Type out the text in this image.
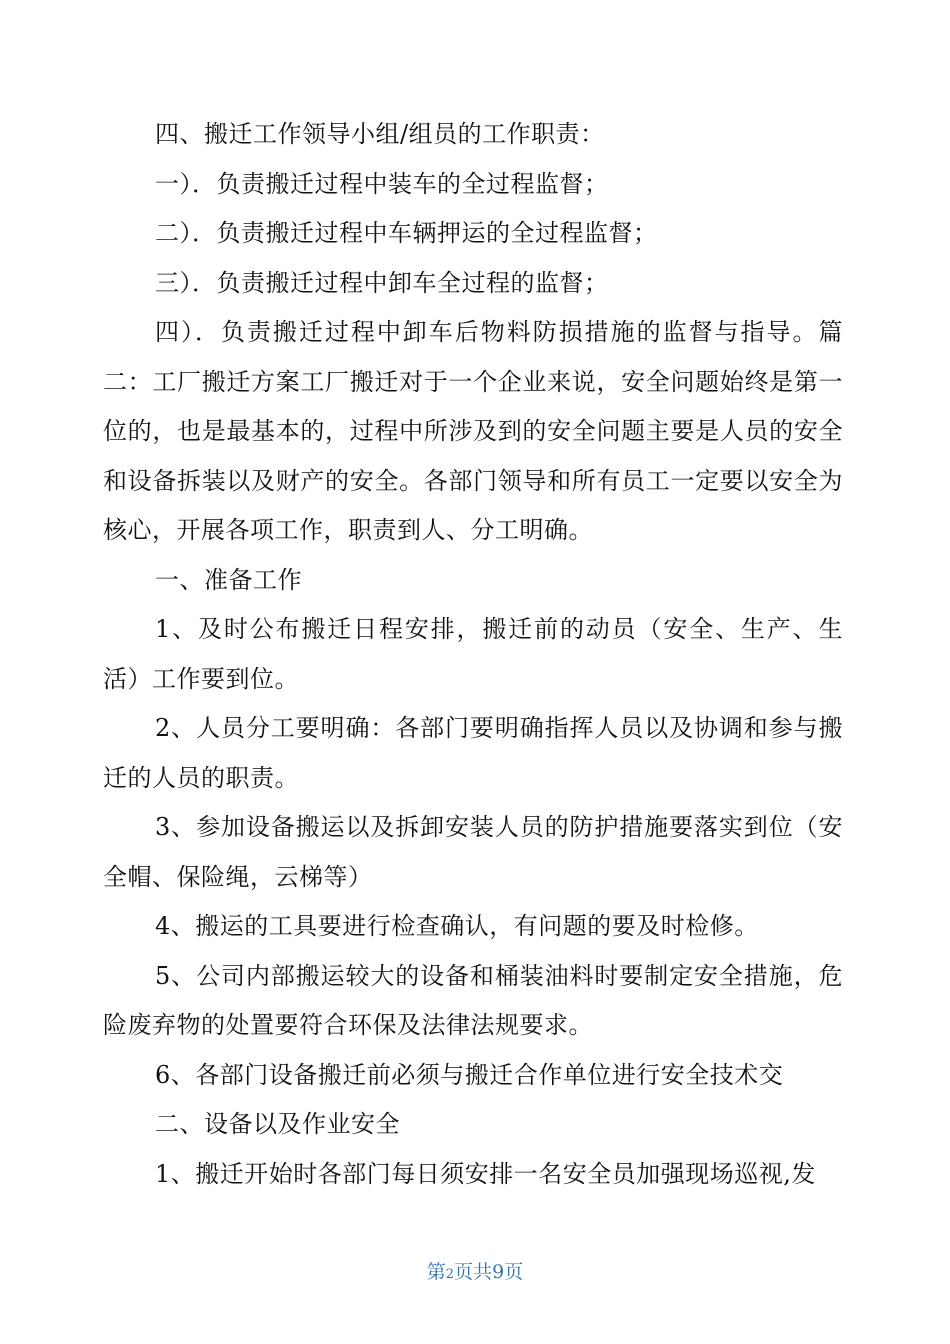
四、搬迁工作领导小组/组员的工作职责：

一）．负责搬迁过程中装车的全过程监督；

二）．负责搬迁过程中车辆押运的全过程监督；

三）．负责搬迁过程中卸车全过程的监督；

四）．负责搬迁过程中卸车后物料防损措施的监督与指导。篇二：工厂搬迁方案工厂搬迁对于一个企业来说，安全问题始终是第一位的，也是最基本的，过程中所涉及到的安全问题主要是人员的安全和设备拆装以及财产的安全。各部门领导和所有员工一定要以安全为核心，开展各项工作，职责到人、分工明确。

一、准备工作

1、及时公布搬迁日程安排，搬迁前的动员（安全、生产、生活）工作要到位。

2、人员分工要明确：各部门要明确指挥人员以及协调和参与搬迁的人员的职责。

3、参加设备搬运以及拆卸安装人员的防护措施要落实到位（安全帽、保险绳，云梯等）

4、搬运的工具要进行检查确认，有问题的要及时检修。

5、公司内部搬运较大的设备和桶装油料时要制定安全措施，危险废弃物的处置要符合环保及法律法规要求。

6、各部门设备搬迁前必须与搬迁合作单位进行安全技术交

二、设备以及作业安全

1、搬迁开始时各部门每日须安排一名安全员加强现场巡视,发

第2页共9页
